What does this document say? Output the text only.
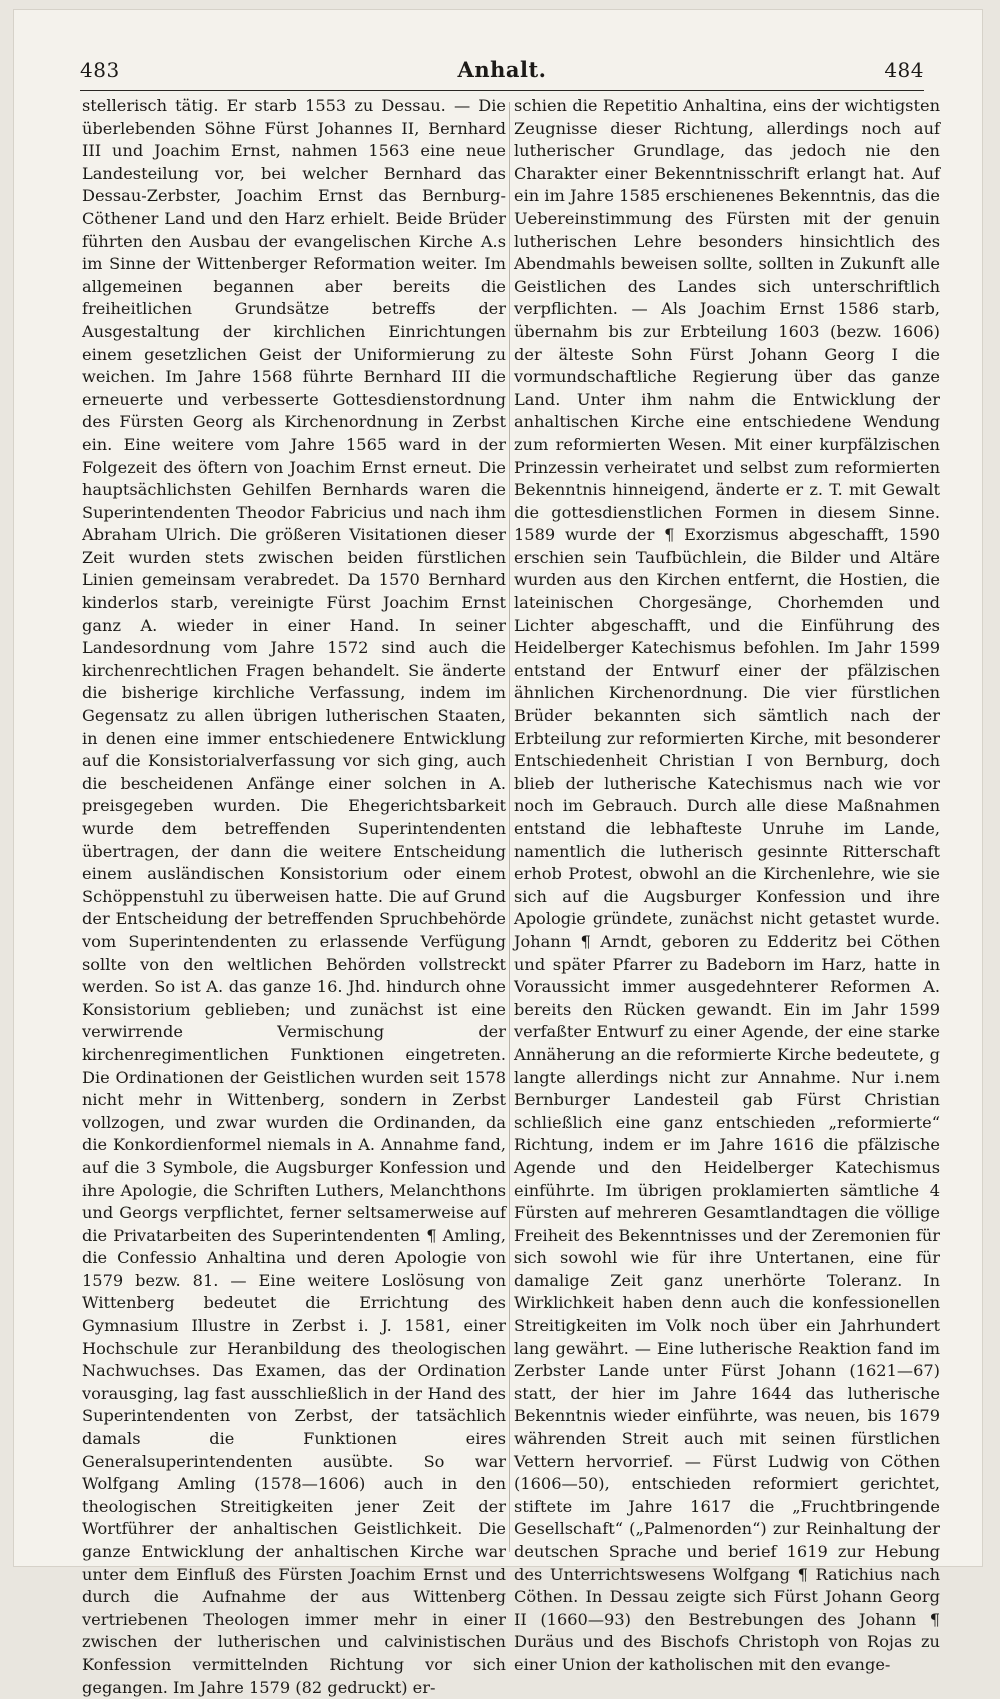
483	Anhalt.	484

stellerisch tätig. Er starb 1553 zu Dessau. — Die überlebenden Söhne Fürst Johannes II, Bernhard III und Joachim Ernst, nahmen 1563 eine neue Landesteilung vor, bei welcher Bernhard das Dessau-Zerbster, Joachim Ernst das Bernburg-Cöthener Land und den Harz erhielt. Beide Brüder führten den Ausbau der evangelischen Kirche A.s im Sinne der Wittenberger Reformation weiter. Im allgemeinen begannen aber bereits die freiheitlichen Grundsätze betreffs der Ausgestaltung der kirchlichen Einrichtungen einem gesetzlichen Geist der Uniformierung zu weichen. Im Jahre 1568 führte Bernhard III die erneuerte und verbesserte Gottesdienstordnung des Fürsten Georg als Kirchenordnung in Zerbst ein. Eine weitere vom Jahre 1565 ward in der Folgezeit des öftern von Joachim Ernst erneut. Die hauptsächlichsten Gehilfen Bernhards waren die Superintendenten Theodor Fabricius und nach ihm Abraham Ulrich. Die größeren Visitationen dieser Zeit wurden stets zwischen beiden fürstlichen Linien gemeinsam verabredet. Da 1570 Bernhard kinderlos starb, vereinigte Fürst Joachim Ernst ganz A. wieder in einer Hand. In seiner Landesordnung vom Jahre 1572 sind auch die kirchenrechtlichen Fragen behandelt. Sie änderte die bisherige kirchliche Verfassung, indem im Gegensatz zu allen übrigen lutherischen Staaten, in denen eine immer entschiedenere Entwicklung auf die Konsistorialverfassung vor sich ging, auch die bescheidenen Anfänge einer solchen in A. preisgegeben wurden. Die Ehegerichtsbarkeit wurde dem betreffenden Superintendenten übertragen, der dann die weitere Entscheidung einem ausländischen Konsistorium oder einem Schöppenstuhl zu überweisen hatte. Die auf Grund der Entscheidung der betreffenden Spruchbehörde vom Superintendenten zu erlassende Verfügung sollte von den weltlichen Behörden vollstreckt werden. So ist A. das ganze 16. Jhd. hindurch ohne Konsistorium geblieben; und zunächst ist eine verwirrende Vermischung der kirchenregimentlichen Funktionen eingetreten. Die Ordinationen der Geistlichen wurden seit 1578 nicht mehr in Wittenberg, sondern in Zerbst vollzogen, und zwar wurden die Ordinanden, da die Konkordienformel niemals in A. Annahme fand, auf die 3 Symbole, die Augsburger Konfession und ihre Apologie, die Schriften Luthers, Melanchthons und Georgs verpflichtet, ferner seltsamerweise auf die Privatarbeiten des Superintendenten ¶ Amling, die Confessio Anhaltina und deren Apologie von 1579 bezw. 81. — Eine weitere Loslösung von Wittenberg bedeutet die Errichtung des Gymnasium Illustre in Zerbst i. J. 1581, einer Hochschule zur Heranbildung des theologischen Nachwuchses. Das Examen, das der Ordination vorausging, lag fast ausschließlich in der Hand des Superintendenten von Zerbst, der tatsächlich damals die Funktionen eires Generalsuperintendenten ausübte. So war Wolfgang Amling (1578—1606) auch in den theologischen Streitigkeiten jener Zeit der Wortführer der anhaltischen Geistlichkeit. Die ganze Entwicklung der anhaltischen Kirche war unter dem Einfluß des Fürsten Joachim Ernst und durch die Aufnahme der aus Wittenberg vertriebenen Theologen immer mehr in einer zwischen der lutherischen und calvinistischen Konfession vermittelnden Richtung vor sich gegangen. Im Jahre 1579 (82 gedruckt) er-

schien die Repetitio Anhaltina, eins der wichtigsten Zeugnisse dieser Richtung, allerdings noch auf lutherischer Grundlage, das jedoch nie den Charakter einer Bekenntnisschrift erlangt hat. Auf ein im Jahre 1585 erschienenes Bekenntnis, das die Uebereinstimmung des Fürsten mit der genuin lutherischen Lehre besonders hinsichtlich des Abendmahls beweisen sollte, sollten in Zukunft alle Geistlichen des Landes sich unterschriftlich verpflichten. — Als Joachim Ernst 1586 starb, übernahm bis zur Erbteilung 1603 (bezw. 1606) der älteste Sohn Fürst Johann Georg I die vormundschaftliche Regierung über das ganze Land. Unter ihm nahm die Entwicklung der anhaltischen Kirche eine entschiedene Wendung zum reformierten Wesen. Mit einer kurpfälzischen Prinzessin verheiratet und selbst zum reformierten Bekenntnis hinneigend, änderte er z. T. mit Gewalt die gottesdienstlichen Formen in diesem Sinne. 1589 wurde der ¶ Exorzismus abgeschafft, 1590 erschien sein Taufbüchlein, die Bilder und Altäre wurden aus den Kirchen entfernt, die Hostien, die lateinischen Chorgesänge, Chorhemden und Lichter abgeschafft, und die Einführung des Heidelberger Katechismus befohlen. Im Jahr 1599 entstand der Entwurf einer der pfälzischen ähnlichen Kirchenordnung. Die vier fürstlichen Brüder bekannten sich sämtlich nach der Erbteilung zur reformierten Kirche, mit besonderer Entschiedenheit Christian I von Bernburg, doch blieb der lutherische Katechismus nach wie vor noch im Gebrauch. Durch alle diese Maßnahmen entstand die lebhafteste Unruhe im Lande, namentlich die lutherisch gesinnte Ritterschaft erhob Protest, obwohl an die Kirchenlehre, wie sie sich auf die Augsburger Konfession und ihre Apologie gründete, zunächst nicht getastet wurde. Johann ¶ Arndt, geboren zu Edderitz bei Cöthen und später Pfarrer zu Badeborn im Harz, hatte in Voraussicht immer ausgedehnterer Reformen A. bereits den Rücken gewandt. Ein im Jahr 1599 verfaßter Entwurf zu einer Agende, der eine starke Annäherung an die reformierte Kirche bedeutete, g langte allerdings nicht zur Annahme. Nur i.nem Bernburger Landesteil gab Fürst Christian schließlich eine ganz entschieden „reformierte“ Richtung, indem er im Jahre 1616 die pfälzische Agende und den Heidelberger Katechismus einführte. Im übrigen proklamierten sämtliche 4 Fürsten auf mehreren Gesamtlandtagen die völlige Freiheit des Bekenntnisses und der Zeremonien für sich sowohl wie für ihre Untertanen, eine für damalige Zeit ganz unerhörte Toleranz. In Wirklichkeit haben denn auch die konfessionellen Streitigkeiten im Volk noch über ein Jahrhundert lang gewährt. — Eine lutherische Reaktion fand im Zerbster Lande unter Fürst Johann (1621—67) statt, der hier im Jahre 1644 das lutherische Bekenntnis wieder einführte, was neuen, bis 1679 währenden Streit auch mit seinen fürstlichen Vettern hervorrief. — Fürst Ludwig von Cöthen (1606—50), entschieden reformiert gerichtet, stiftete im Jahre 1617 die „Fruchtbringende Gesellschaft“ („Palmenorden“) zur Reinhaltung der deutschen Sprache und berief 1619 zur Hebung des Unterrichtswesens Wolfgang ¶ Ratichius nach Cöthen. In Dessau zeigte sich Fürst Johann Georg II (1660—93) den Bestrebungen des Johann ¶ Duräus und des Bischofs Christoph von Rojas zu einer Union der katholischen mit den evange-
